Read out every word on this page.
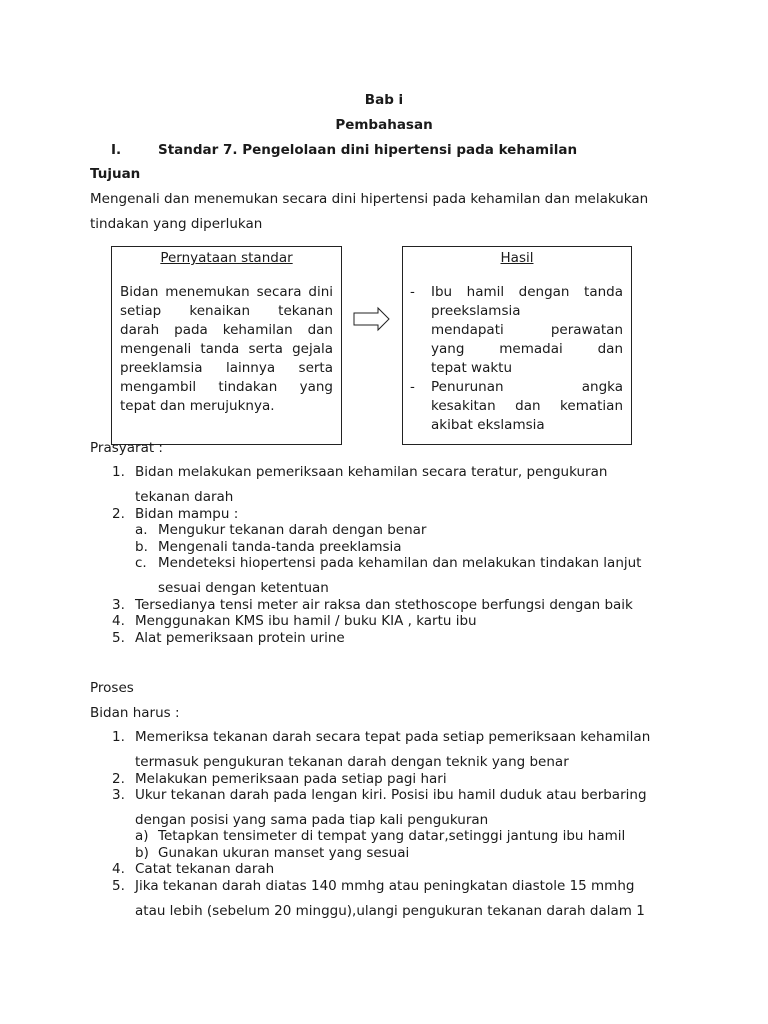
Bab i
Pembahasan
I.	Standar 7. Pengelolaan dini hipertensi pada kehamilan
Tujuan
Mengenali dan menemukan secara dini hipertensi pada kehamilan dan melakukan
tindakan yang diperlukan
Pernyataan standar
Bidan menemukan secara dini
setiap kenaikan tekanan
darah pada kehamilan dan
mengenali tanda serta gejala
preeklamsia lainnya serta
mengambil tindakan yang
tepat dan merujuknya.
Hasil
- Ibu hamil dengan tanda
preekslamsia
mendapati perawatan
yang memadai dan
tepat waktu
- Penurunan angka
kesakitan dan kematian
akibat ekslamsia
Prasyarat :
1. Bidan melakukan pemeriksaan kehamilan secara teratur, pengukuran
tekanan darah
2. Bidan mampu :
a. Mengukur tekanan darah dengan benar
b. Mengenali tanda-tanda preeklamsia
c. Mendeteksi hiopertensi pada kehamilan dan melakukan tindakan lanjut
sesuai dengan ketentuan
3. Tersedianya tensi meter air raksa dan stethoscope berfungsi dengan baik
4. Menggunakan KMS ibu hamil / buku KIA , kartu ibu
5. Alat pemeriksaan protein urine
Proses
Bidan harus :
1. Memeriksa tekanan darah secara tepat pada setiap pemeriksaan kehamilan
termasuk pengukuran tekanan darah dengan teknik yang benar
2. Melakukan pemeriksaan pada setiap pagi hari
3. Ukur tekanan darah pada lengan kiri. Posisi ibu hamil duduk atau berbaring
dengan posisi yang sama pada tiap kali pengukuran
a) Tetapkan tensimeter di tempat yang datar,setinggi jantung ibu hamil
b) Gunakan ukuran manset yang sesuai
4. Catat tekanan darah
5. Jika tekanan darah diatas 140 mmhg atau peningkatan diastole 15 mmhg
atau lebih (sebelum 20 minggu),ulangi pengukuran tekanan darah dalam 1
